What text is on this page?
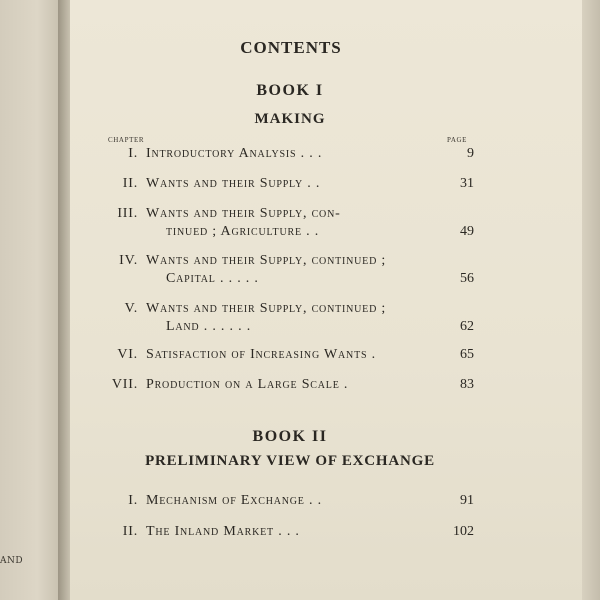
AND
CONTENTS
BOOK I
MAKING
CHAPTER	PAGE
I. Introductory Analysis . . .	9
II. Wants and their Supply . .	31
III. Wants and their Supply, con-
tinued ; Agriculture . .	49
IV. Wants and their Supply, continued ;
Capital . . . . .	56
V. Wants and their Supply, continued ;
Land . . . . . .	62
VI. Satisfaction of Increasing Wants .	65
VII. Production on a Large Scale .	83
BOOK II
PRELIMINARY VIEW OF EXCHANGE
I. Mechanism of Exchange . .	91
II. The Inland Market . . .	102
